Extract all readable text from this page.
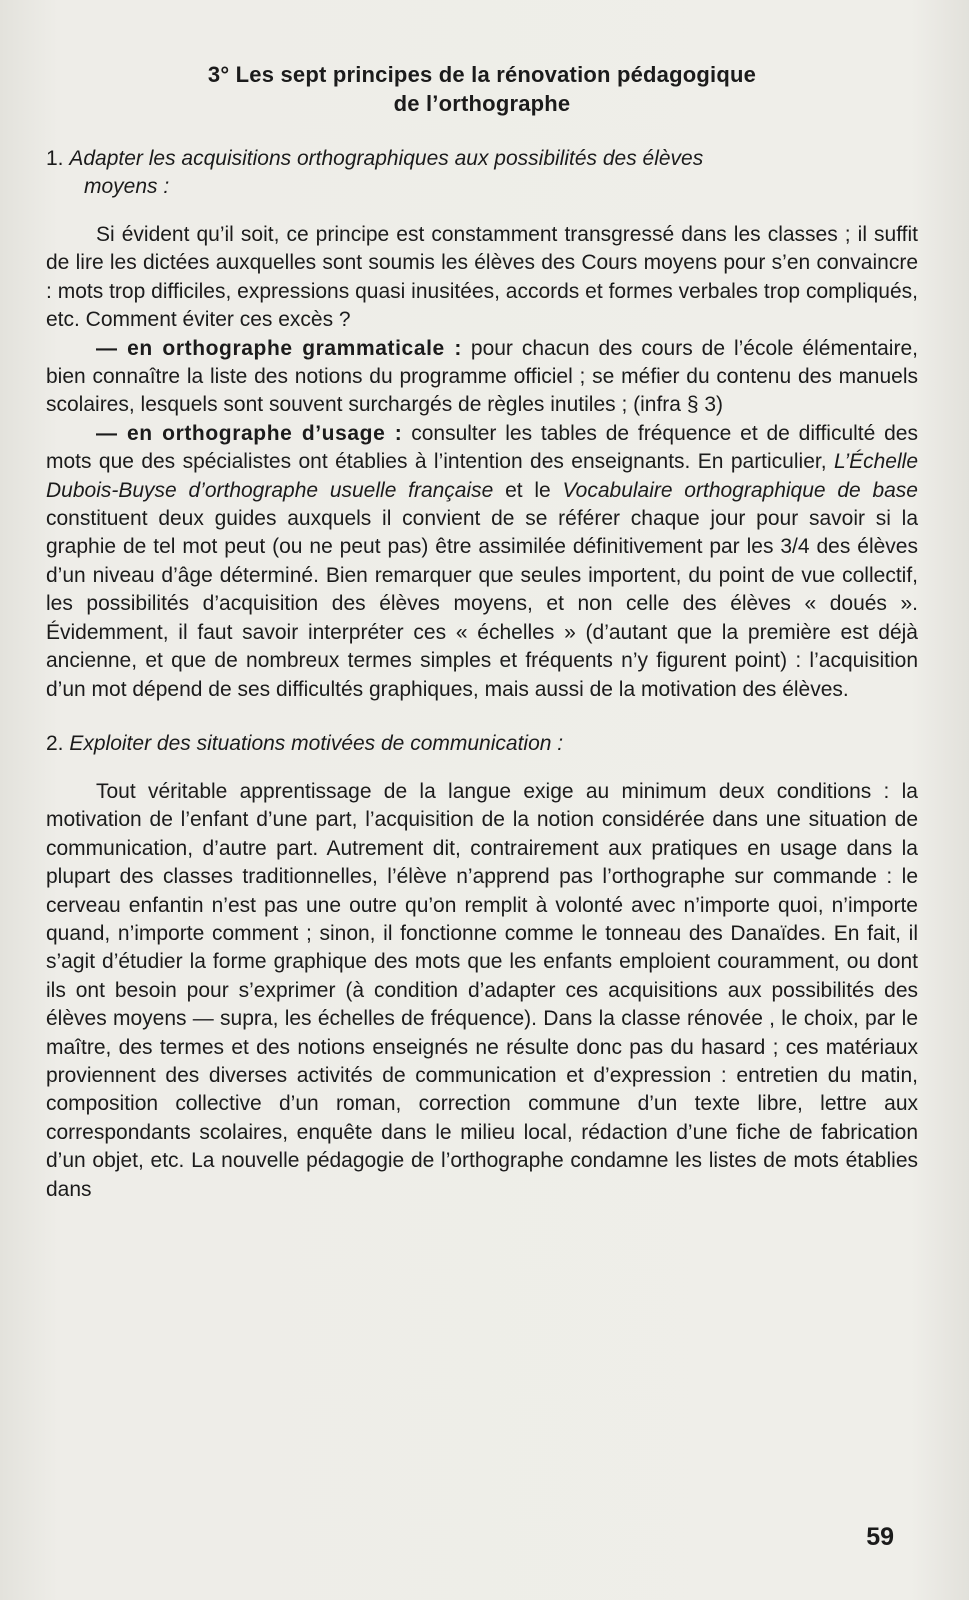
3° Les sept principes de la rénovation pédagogique
de l’orthographe
1. Adapter les acquisitions orthographiques aux possibilités des élèves
moyens :

Si évident qu’il soit, ce principe est constamment transgressé dans les classes ; il suffit de lire les dictées auxquelles sont soumis les élèves des Cours moyens pour s’en convaincre : mots trop difficiles, expressions quasi inusitées, accords et formes verbales trop compliqués, etc. Comment éviter ces excès ?

— en orthographe grammaticale : pour chacun des cours de l’école élémentaire, bien connaître la liste des notions du programme officiel ; se méfier du contenu des manuels scolaires, lesquels sont souvent surchargés de règles inutiles ; (infra § 3)

— en orthographe d’usage : consulter les tables de fréquence et de difficulté des mots que des spécialistes ont établies à l’intention des enseignants. En particulier, L’Échelle Dubois-Buyse d’orthographe usuelle française et le Vocabulaire orthographique de base constituent deux guides auxquels il convient de se référer chaque jour pour savoir si la graphie de tel mot peut (ou ne peut pas) être assimilée définitivement par les 3/4 des élèves d’un niveau d’âge déterminé. Bien remarquer que seules importent, du point de vue collectif, les possibilités d’acquisition des élèves moyens, et non celle des élèves « doués ». Évidemment, il faut savoir interpréter ces « échelles » (d’autant que la première est déjà ancienne, et que de nombreux termes simples et fréquents n’y figurent point) : l’acquisition d’un mot dépend de ses difficultés graphiques, mais aussi de la motivation des élèves.

2. Exploiter des situations motivées de communication :

Tout véritable apprentissage de la langue exige au minimum deux conditions : la motivation de l’enfant d’une part, l’acquisition de la notion considérée dans une situation de communication, d’autre part. Autrement dit, contrairement aux pratiques en usage dans la plupart des classes traditionnelles, l’élève n’apprend pas l’orthographe sur commande : le cerveau enfantin n’est pas une outre qu’on remplit à volonté avec n’importe quoi, n’importe quand, n’importe comment ; sinon, il fonctionne comme le tonneau des Danaïdes. En fait, il s’agit d’étudier la forme graphique des mots que les enfants emploient couramment, ou dont ils ont besoin pour s’exprimer (à condition d’adapter ces acquisitions aux possibilités des élèves moyens — supra, les échelles de fréquence). Dans la classe rénovée , le choix, par le maître, des termes et des notions enseignés ne résulte donc pas du hasard ; ces matériaux proviennent des diverses activités de communication et d’expression : entretien du matin, composition collective d’un roman, correction commune d’un texte libre, lettre aux correspondants scolaires, enquête dans le milieu local, rédaction d’une fiche de fabrication d’un objet, etc. La nouvelle pédagogie de l’orthographe condamne les listes de mots établies dans

59
